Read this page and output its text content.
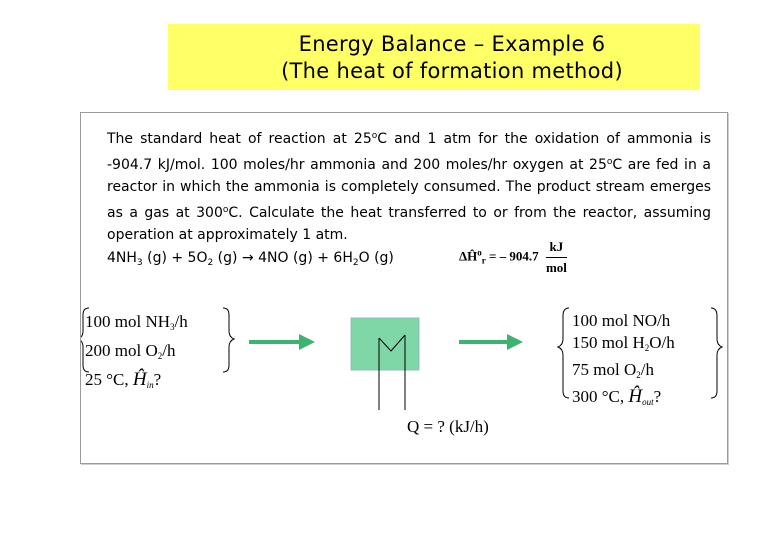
Energy Balance – Example 6
(The heat of formation method)
The standard heat of reaction at 25$^o$C and 1 atm for the oxidation of ammonia is -904.7 kJ/mol. 100 moles/hr ammonia and 200 moles/hr oxygen at 25$^o$C are fed in a reactor in which the ammonia is completely consumed. The product stream emerges as a gas at 300$^o$C. Calculate the heat transferred to or from the reactor, assuming operation at approximately 1 atm.
$4NH_3$ $(g) + 5O_2$ (g) → 4NO $(g) + 6H_2O$ (g)	$\Delta Ĥ^o_r$ = – $904.7 \frac{kJ}{\text{mol}}$
100 mol $NH_3/h$
200 mol $O_2/h$
25 °C, $Ĥ_{in}$?
100 mol NO/h
150 mol $H_2O/h$
75 mol $O_2/h$
300 °C, $Ĥ_{out}$?
Q = ? (kJ/h)
